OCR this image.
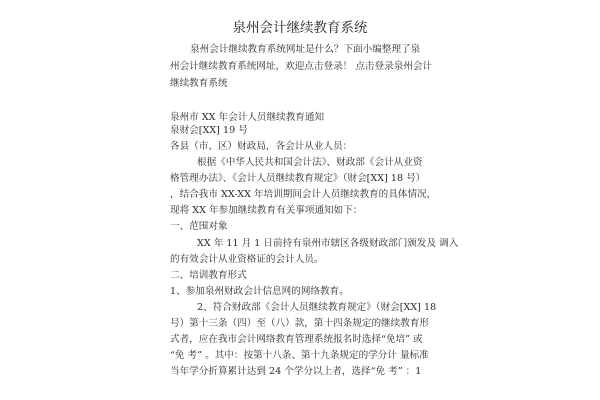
泉州会计继续教育系统
泉州会计继续教育系统网址是什么？下面小编整理了泉
州会计继续教育系统网址，欢迎点击登录！ 点击登录泉州会计
继续教育系统
泉州市 XX 年会计人员继续教育通知
泉财会[XX] 19 号
各县（市、区）财政局，各会计从业人员：
根据《中华人民共和国会计法》、财政部《会计从业资
格管理办法》、《会计人员继续教育规定》（财会[XX] 18 号）
，结合我市 XX-XX 年培训期间会计人员继续教育的具体情况，
现将 XX 年参加继续教育有关事项通知如下：
一、范围对象
XX 年 11 月 1 日前持有泉州市辖区各级财政部门颁发及 调入
的有效会计从业资格证的会计人员。
二、培训教育形式
1、参加泉州财政会计信息网的网络教育。
2、符合财政部《会计人员继续教育规定》（财会[XX] 18
号）第十三条（四）至（八）款，第十四条规定的继续教育形
式者，应在我市会计网络教育管理系统报名时选择“免培” 或
“免 考” 。其中：按第十八条、第十九条规定的学分计 量标准
当年学分折算累计达到 24 个学分以上者，选择“免 考” ：1
